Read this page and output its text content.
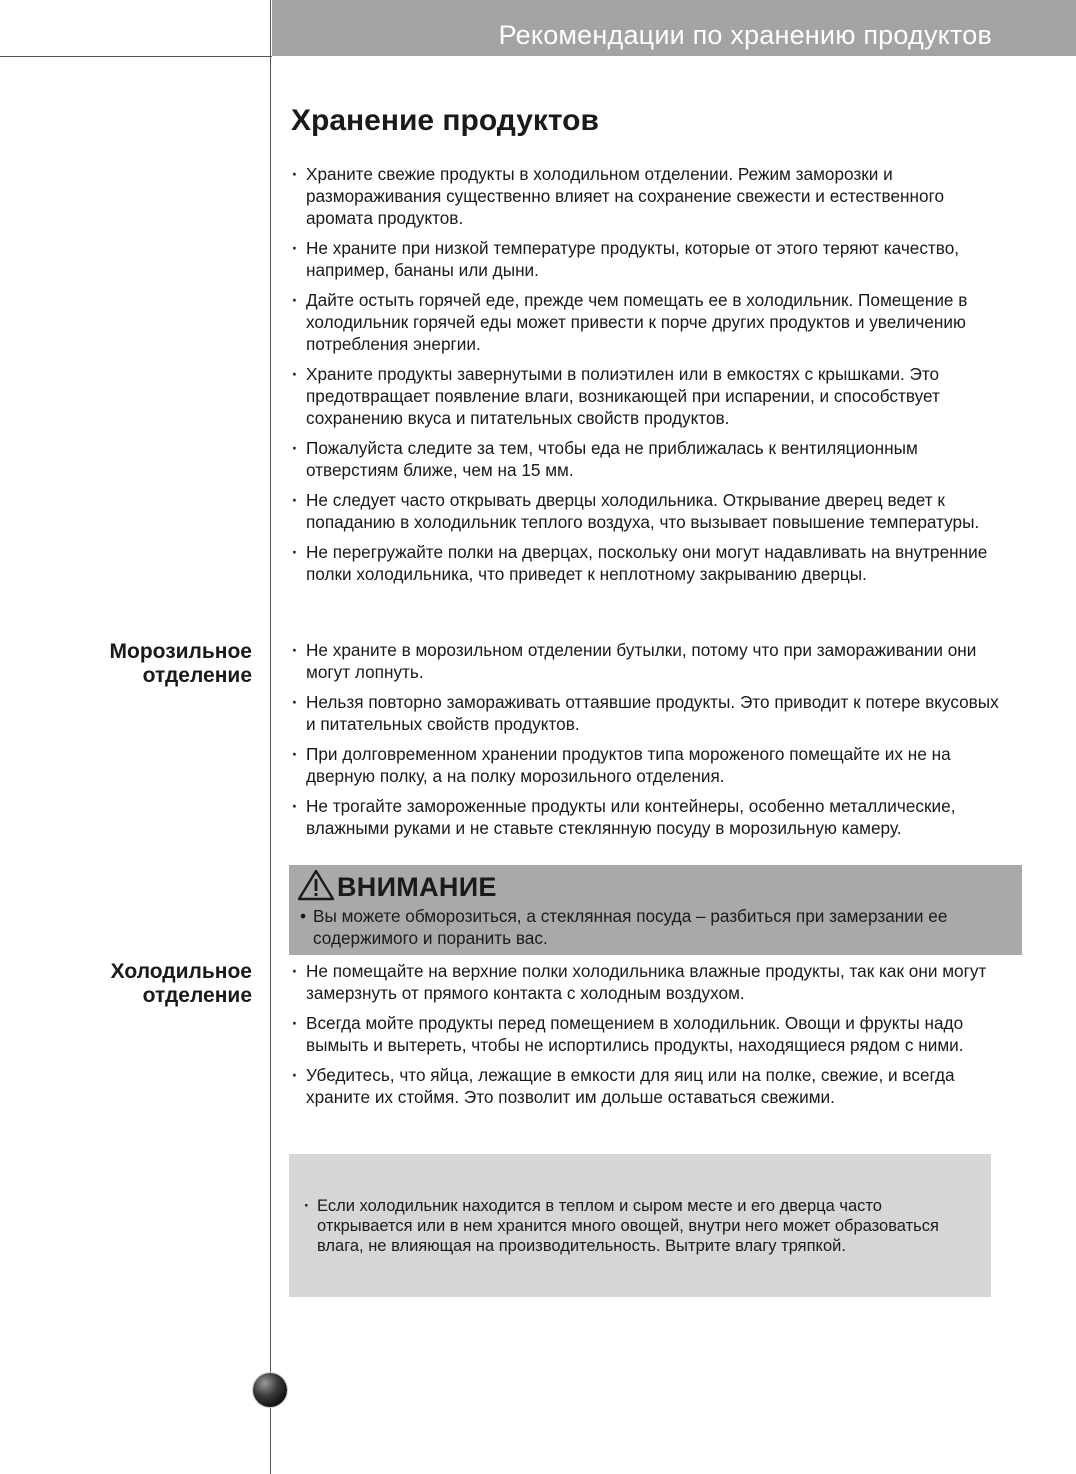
Рекомендации по хранению продуктов
Хранение продуктов
· Храните свежие продукты в холодильном отделении. Режим заморозки и размораживания существенно влияет на сохранение свежести и естественного аромата продуктов.
· Не храните при низкой температуре продукты, которые от этого теряют качество, например, бананы или дыни.
· Дайте остыть горячей еде, прежде чем помещать ее в холодильник. Помещение в холодильник горячей еды может привести к порче других продуктов и увеличению потребления энергии.
· Храните продукты завернутыми в полиэтилен или в емкостях с крышками. Это предотвращает появление влаги, возникающей при испарении, и способствует сохранению вкуса и питательных свойств продуктов.
· Пожалуйста следите за тем, чтобы еда не приближалась к вентиляционным отверстиям ближе, чем на 15 мм.
· Не следует часто открывать дверцы холодильника. Открывание дверец ведет к попаданию в холодильник теплого воздуха, что вызывает повышение температуры.
· Не перегружайте полки на дверцах, поскольку они могут надавливать на внутренние полки холодильника, что приведет к неплотному закрыванию дверцы.
Морозильное
отделение
· Не храните в морозильном отделении бутылки, потому что при замораживании они могут лопнуть.
· Нельзя повторно замораживать оттаявшие продукты. Это приводит к потере вкусовых и питательных свойств продуктов.
· При долговременном хранении продуктов типа мороженого помещайте их не на дверную полку, а на полку морозильного отделения.
· Не трогайте замороженные продукты или контейнеры, особенно металлические, влажными руками и не ставьте стеклянную посуду в морозильную камеру.
ВНИМАНИЕ
• Вы можете обморозиться, а стеклянная посуда – разбиться при замерзании ее содержимого и поранить вас.
Холодильное
отделение
· Не помещайте на верхние полки холодильника влажные продукты, так как они могут замерзнуть от прямого контакта с холодным воздухом.
· Всегда мойте продукты перед помещением в холодильник. Овощи и фрукты надо вымыть и вытереть, чтобы не испортились продукты, находящиеся рядом с ними.
· Убедитесь, что яйца, лежащие в емкости для яиц или на полке, свежие, и всегда храните их стоймя. Это позволит им дольше оставаться свежими.
· Если холодильник находится в теплом и сыром месте и его дверца часто открывается или в нем хранится много овощей, внутри него может образоваться влага, не влияющая на производительность. Вытрите влагу тряпкой.
